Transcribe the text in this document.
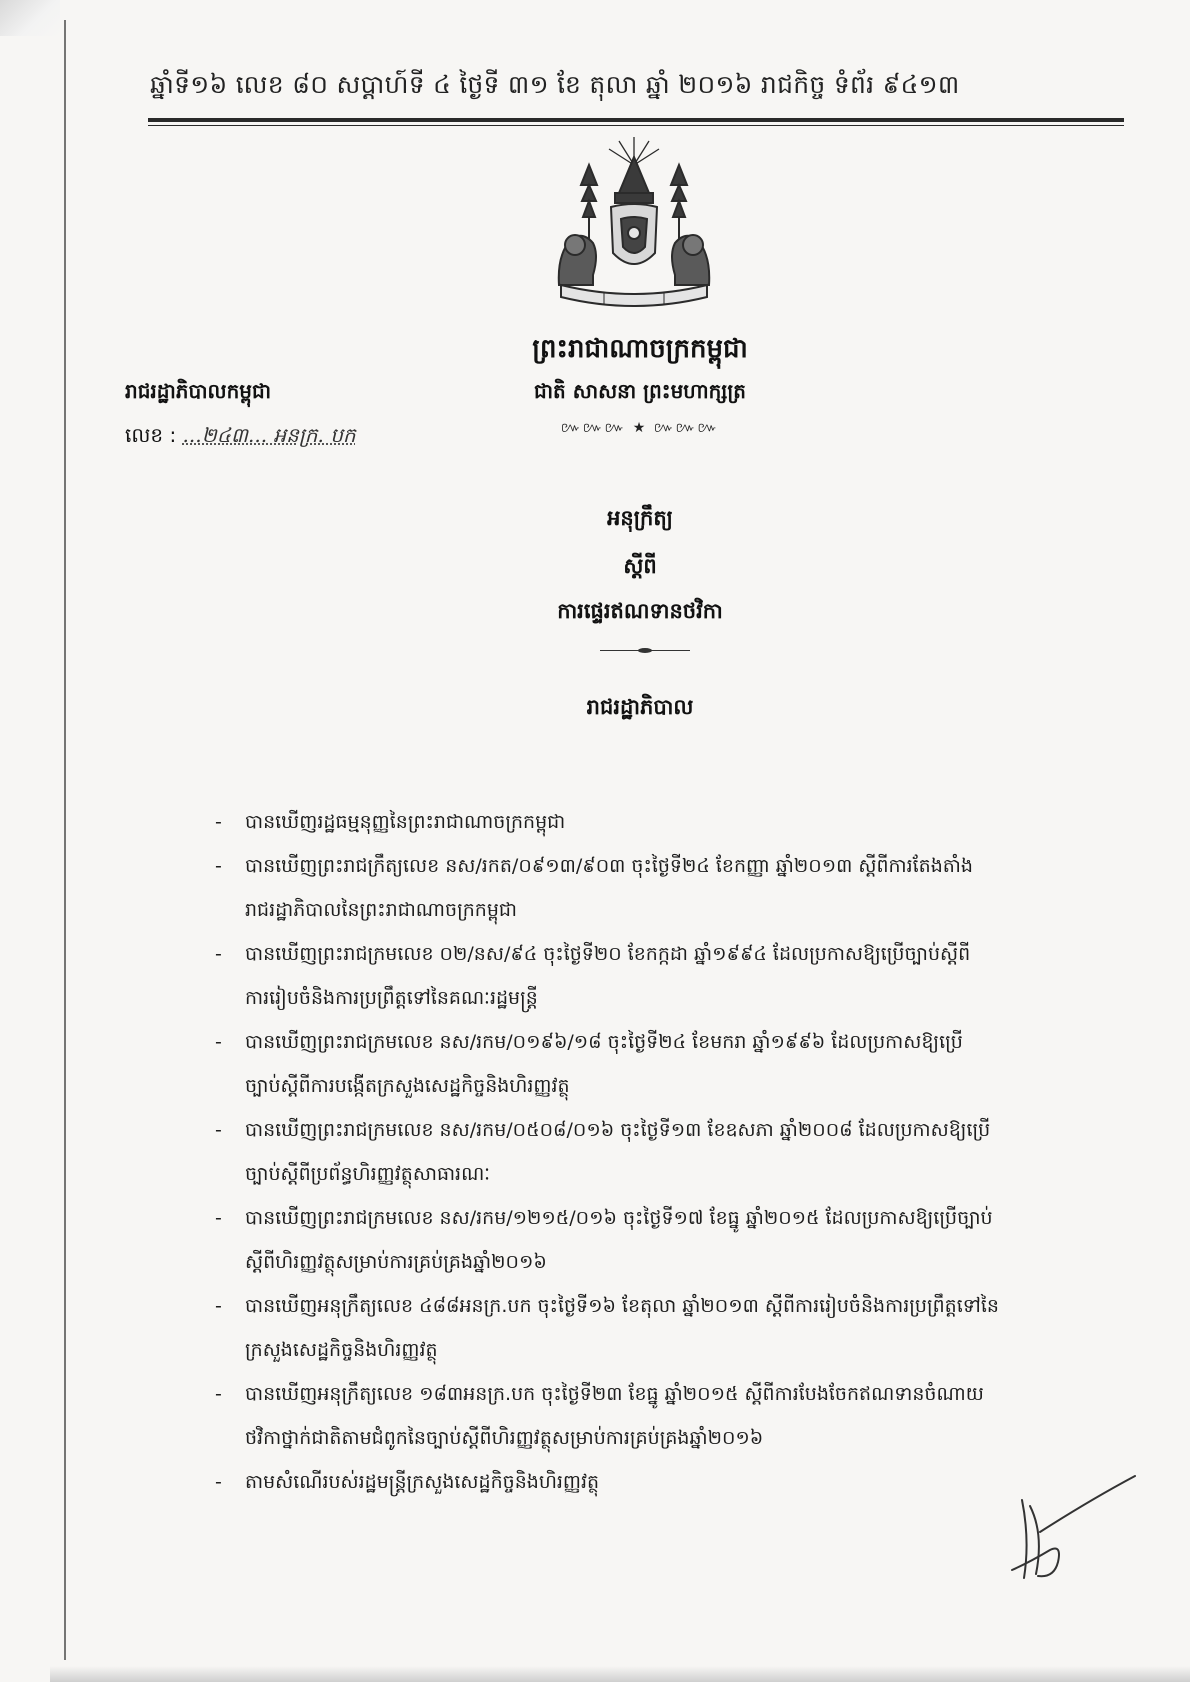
ឆ្នាំទី១៦ លេខ ៨០ សប្តាហ៍ទី ៤ ថ្ងៃទី ៣១ ខែ តុលា ឆ្នាំ ២០១៦ រាជកិច្ច ទំព័រ ៩៤១៣
ព្រះរាជាណាចក្រកម្ពុជា
ជាតិ សាសនា ព្រះមហាក្សត្រ
៚៚៚ ★ ៚៚៚
រាជរដ្ឋាភិបាលកម្ពុជា
លេខ : ...២៤៣... អនក្រ. បក
អនុក្រឹត្យ
ស្តីពី
ការផ្ទេរឥណទានថវិកា
រាជរដ្ឋាភិបាល
- បានឃើញរដ្ឋធម្មនុញ្ញនៃព្រះរាជាណាចក្រកម្ពុជា
- បានឃើញព្រះរាជក្រឹត្យលេខ នស/រកត/០៩១៣/៩០៣ ចុះថ្ងៃទី២៤ ខែកញ្ញា ឆ្នាំ២០១៣ ស្តីពីការតែងតាំង
រាជរដ្ឋាភិបាលនៃព្រះរាជាណាចក្រកម្ពុជា
- បានឃើញព្រះរាជក្រមលេខ ០២/នស/៩៤ ចុះថ្ងៃទី២០ ខែកក្កដា ឆ្នាំ១៩៩៤ ដែលប្រកាសឱ្យប្រើច្បាប់ស្តីពី
ការរៀបចំនិងការប្រព្រឹត្តទៅនៃគណៈរដ្ឋមន្ត្រី
- បានឃើញព្រះរាជក្រមលេខ នស/រកម/០១៩៦/១៨ ចុះថ្ងៃទី២៤ ខែមករា ឆ្នាំ១៩៩៦ ដែលប្រកាសឱ្យប្រើ
ច្បាប់ស្តីពីការបង្កើតក្រសួងសេដ្ឋកិច្ចនិងហិរញ្ញវត្ថុ
- បានឃើញព្រះរាជក្រមលេខ នស/រកម/០៥០៨/០១៦ ចុះថ្ងៃទី១៣ ខែឧសភា ឆ្នាំ២០០៨ ដែលប្រកាសឱ្យប្រើ
ច្បាប់ស្តីពីប្រព័ន្ធហិរញ្ញវត្ថុសាធារណៈ
- បានឃើញព្រះរាជក្រមលេខ នស/រកម/១២១៥/០១៦ ចុះថ្ងៃទី១៧ ខែធ្នូ ឆ្នាំ២០១៥ ដែលប្រកាសឱ្យប្រើច្បាប់
ស្តីពីហិរញ្ញវត្ថុសម្រាប់ការគ្រប់គ្រងឆ្នាំ២០១៦
- បានឃើញអនុក្រឹត្យលេខ ៤៨៨អនក្រ.បក ចុះថ្ងៃទី១៦ ខែតុលា ឆ្នាំ២០១៣ ស្តីពីការរៀបចំនិងការប្រព្រឹត្តទៅនៃ
ក្រសួងសេដ្ឋកិច្ចនិងហិរញ្ញវត្ថុ
- បានឃើញអនុក្រឹត្យលេខ ១៨៣អនក្រ.បក ចុះថ្ងៃទី២៣ ខែធ្នូ ឆ្នាំ២០១៥ ស្តីពីការបែងចែកឥណទានចំណាយ
ថវិកាថ្នាក់ជាតិតាមជំពូកនៃច្បាប់ស្តីពីហិរញ្ញវត្ថុសម្រាប់ការគ្រប់គ្រងឆ្នាំ២០១៦
- តាមសំណើរបស់រដ្ឋមន្ត្រីក្រសួងសេដ្ឋកិច្ចនិងហិរញ្ញវត្ថុ
